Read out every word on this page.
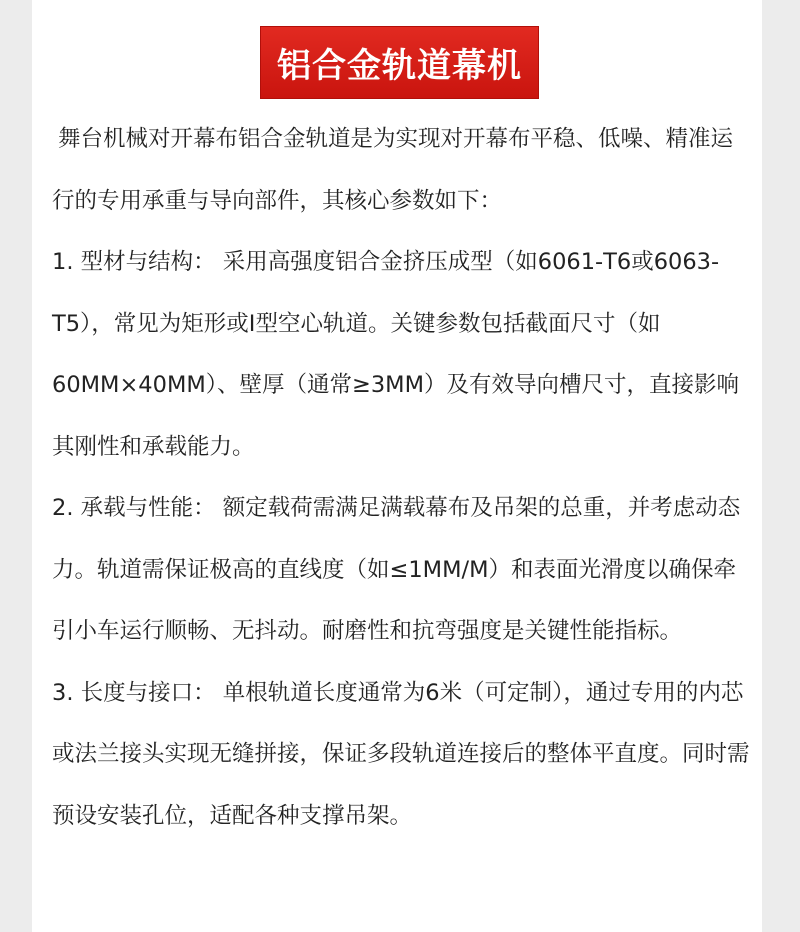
铝合金轨道幕机

舞台机械对开幕布铝合金轨道是为实现对开幕布平稳、低噪、精准运行的专用承重与导向部件，其核心参数如下：

1. 型材与结构： 采用高强度铝合金挤压成型（如6061-T6或6063-T5），常见为矩形或I型空心轨道。关键参数包括截面尺寸（如60MM×40MM）、壁厚（通常≥3MM）及有效导向槽尺寸，直接影响其刚性和承载能力。

2. 承载与性能： 额定载荷需满足满载幕布及吊架的总重，并考虑动态力。轨道需保证极高的直线度（如≤1MM/M）和表面光滑度以确保牵引小车运行顺畅、无抖动。耐磨性和抗弯强度是关键性能指标。

3. 长度与接口： 单根轨道长度通常为6米（可定制），通过专用的内芯或法兰接头实现无缝拼接，保证多段轨道连接后的整体平直度。同时需预设安装孔位，适配各种支撑吊架。
